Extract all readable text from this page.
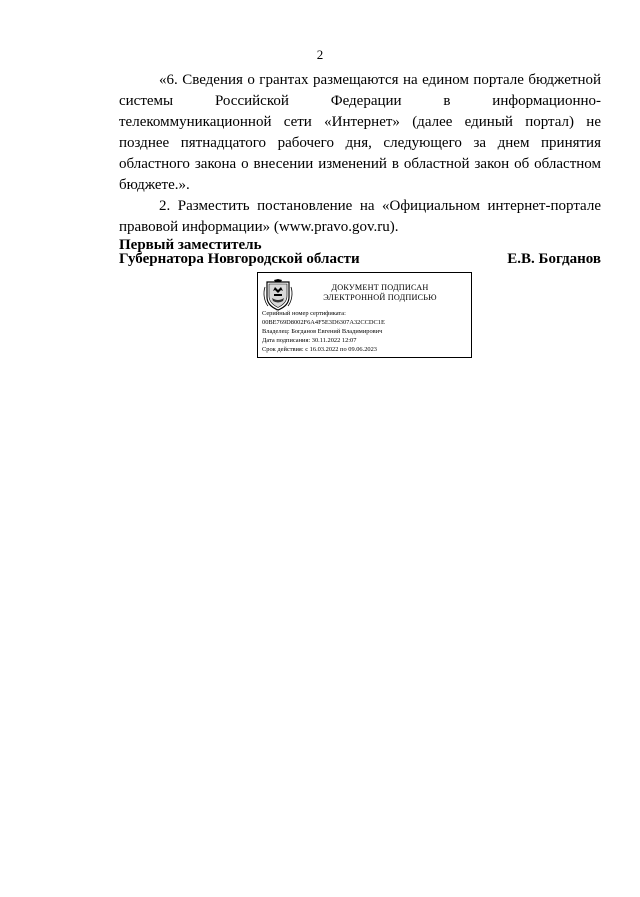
2

«6. Сведения о грантах размещаются на едином портале бюджетной системы Российской Федерации в информационно-телекоммуникационной сети «Интернет» (далее единый портал) не позднее пятнадцатого рабочего дня, следующего за днем принятия областного закона о внесении изменений в областной закон об областном бюджете.».

2. Разместить постановление на «Официальном интернет-портале правовой информации» (www.pravo.gov.ru).

Первый заместитель
Губернатора Новгородской области	Е.В. Богданов
ДОКУМЕНТ ПОДПИСАН
ЭЛЕКТРОННОЙ ПОДПИСЬЮ
Серийный номер сертификата:
00BE769D8002F6A4F5E3D6307A32CCDC1E
Владелец: Богданов Евгений Владимирович
Дата подписания: 30.11.2022 12:07
Срок действия: с 16.03.2022 по 09.06.2023
